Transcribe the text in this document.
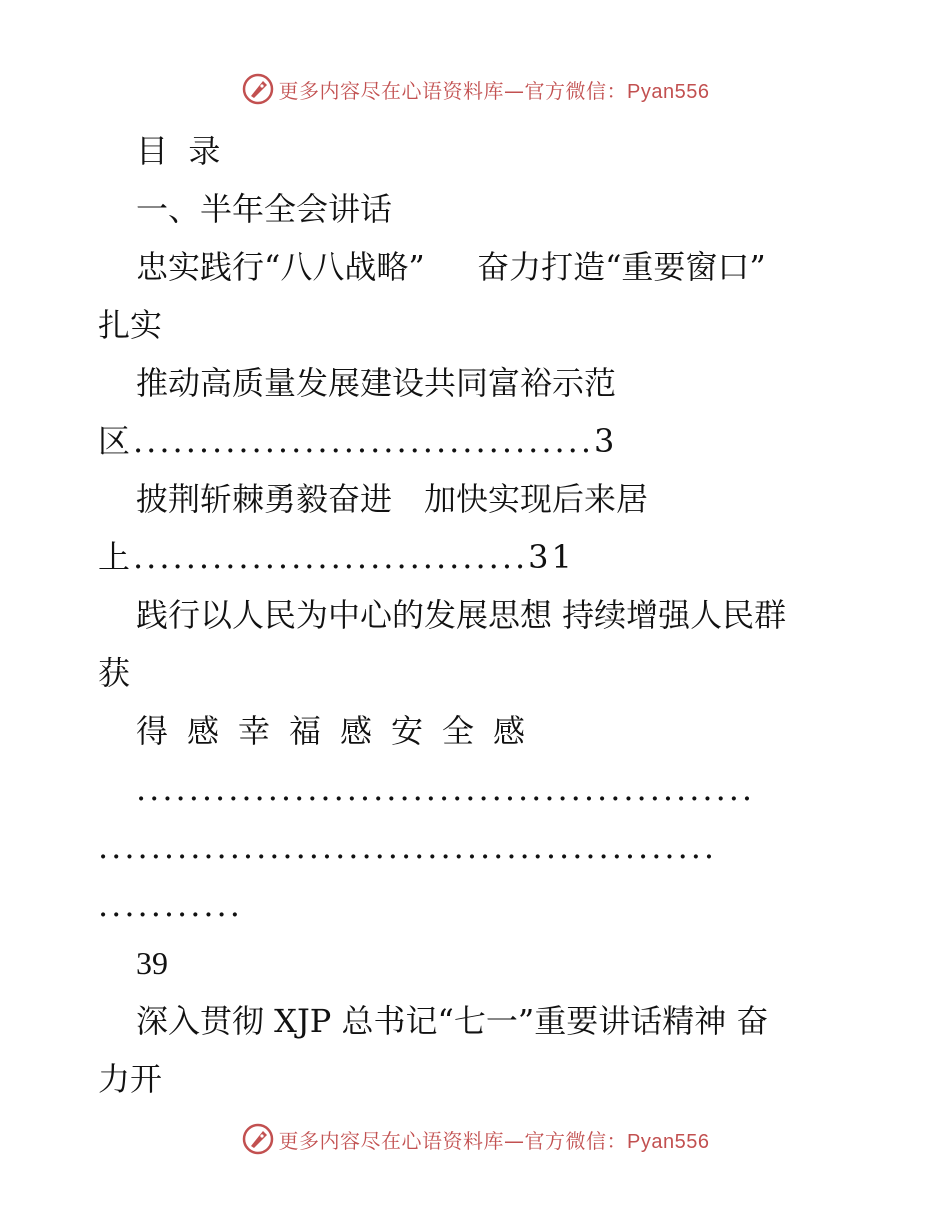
更多内容尽在心语资料库—官方微信：Pyan556
目  录
一、半年全会讲话
忠实践行“八八战略”　  奋力打造“重要窗口”
扎实
推动高质量发展建设共同富裕示范
区...................................3
披荆斩棘勇毅奋进　加快实现后来居
上..............................31
践行以人民为中心的发展思想 持续增强人民群
获
得感幸福感安全感
...............................................
...............................................
...........
39
深入贯彻 XJP 总书记“七一”重要讲话精神 奋
力开
更多内容尽在心语资料库—官方微信：Pyan556
